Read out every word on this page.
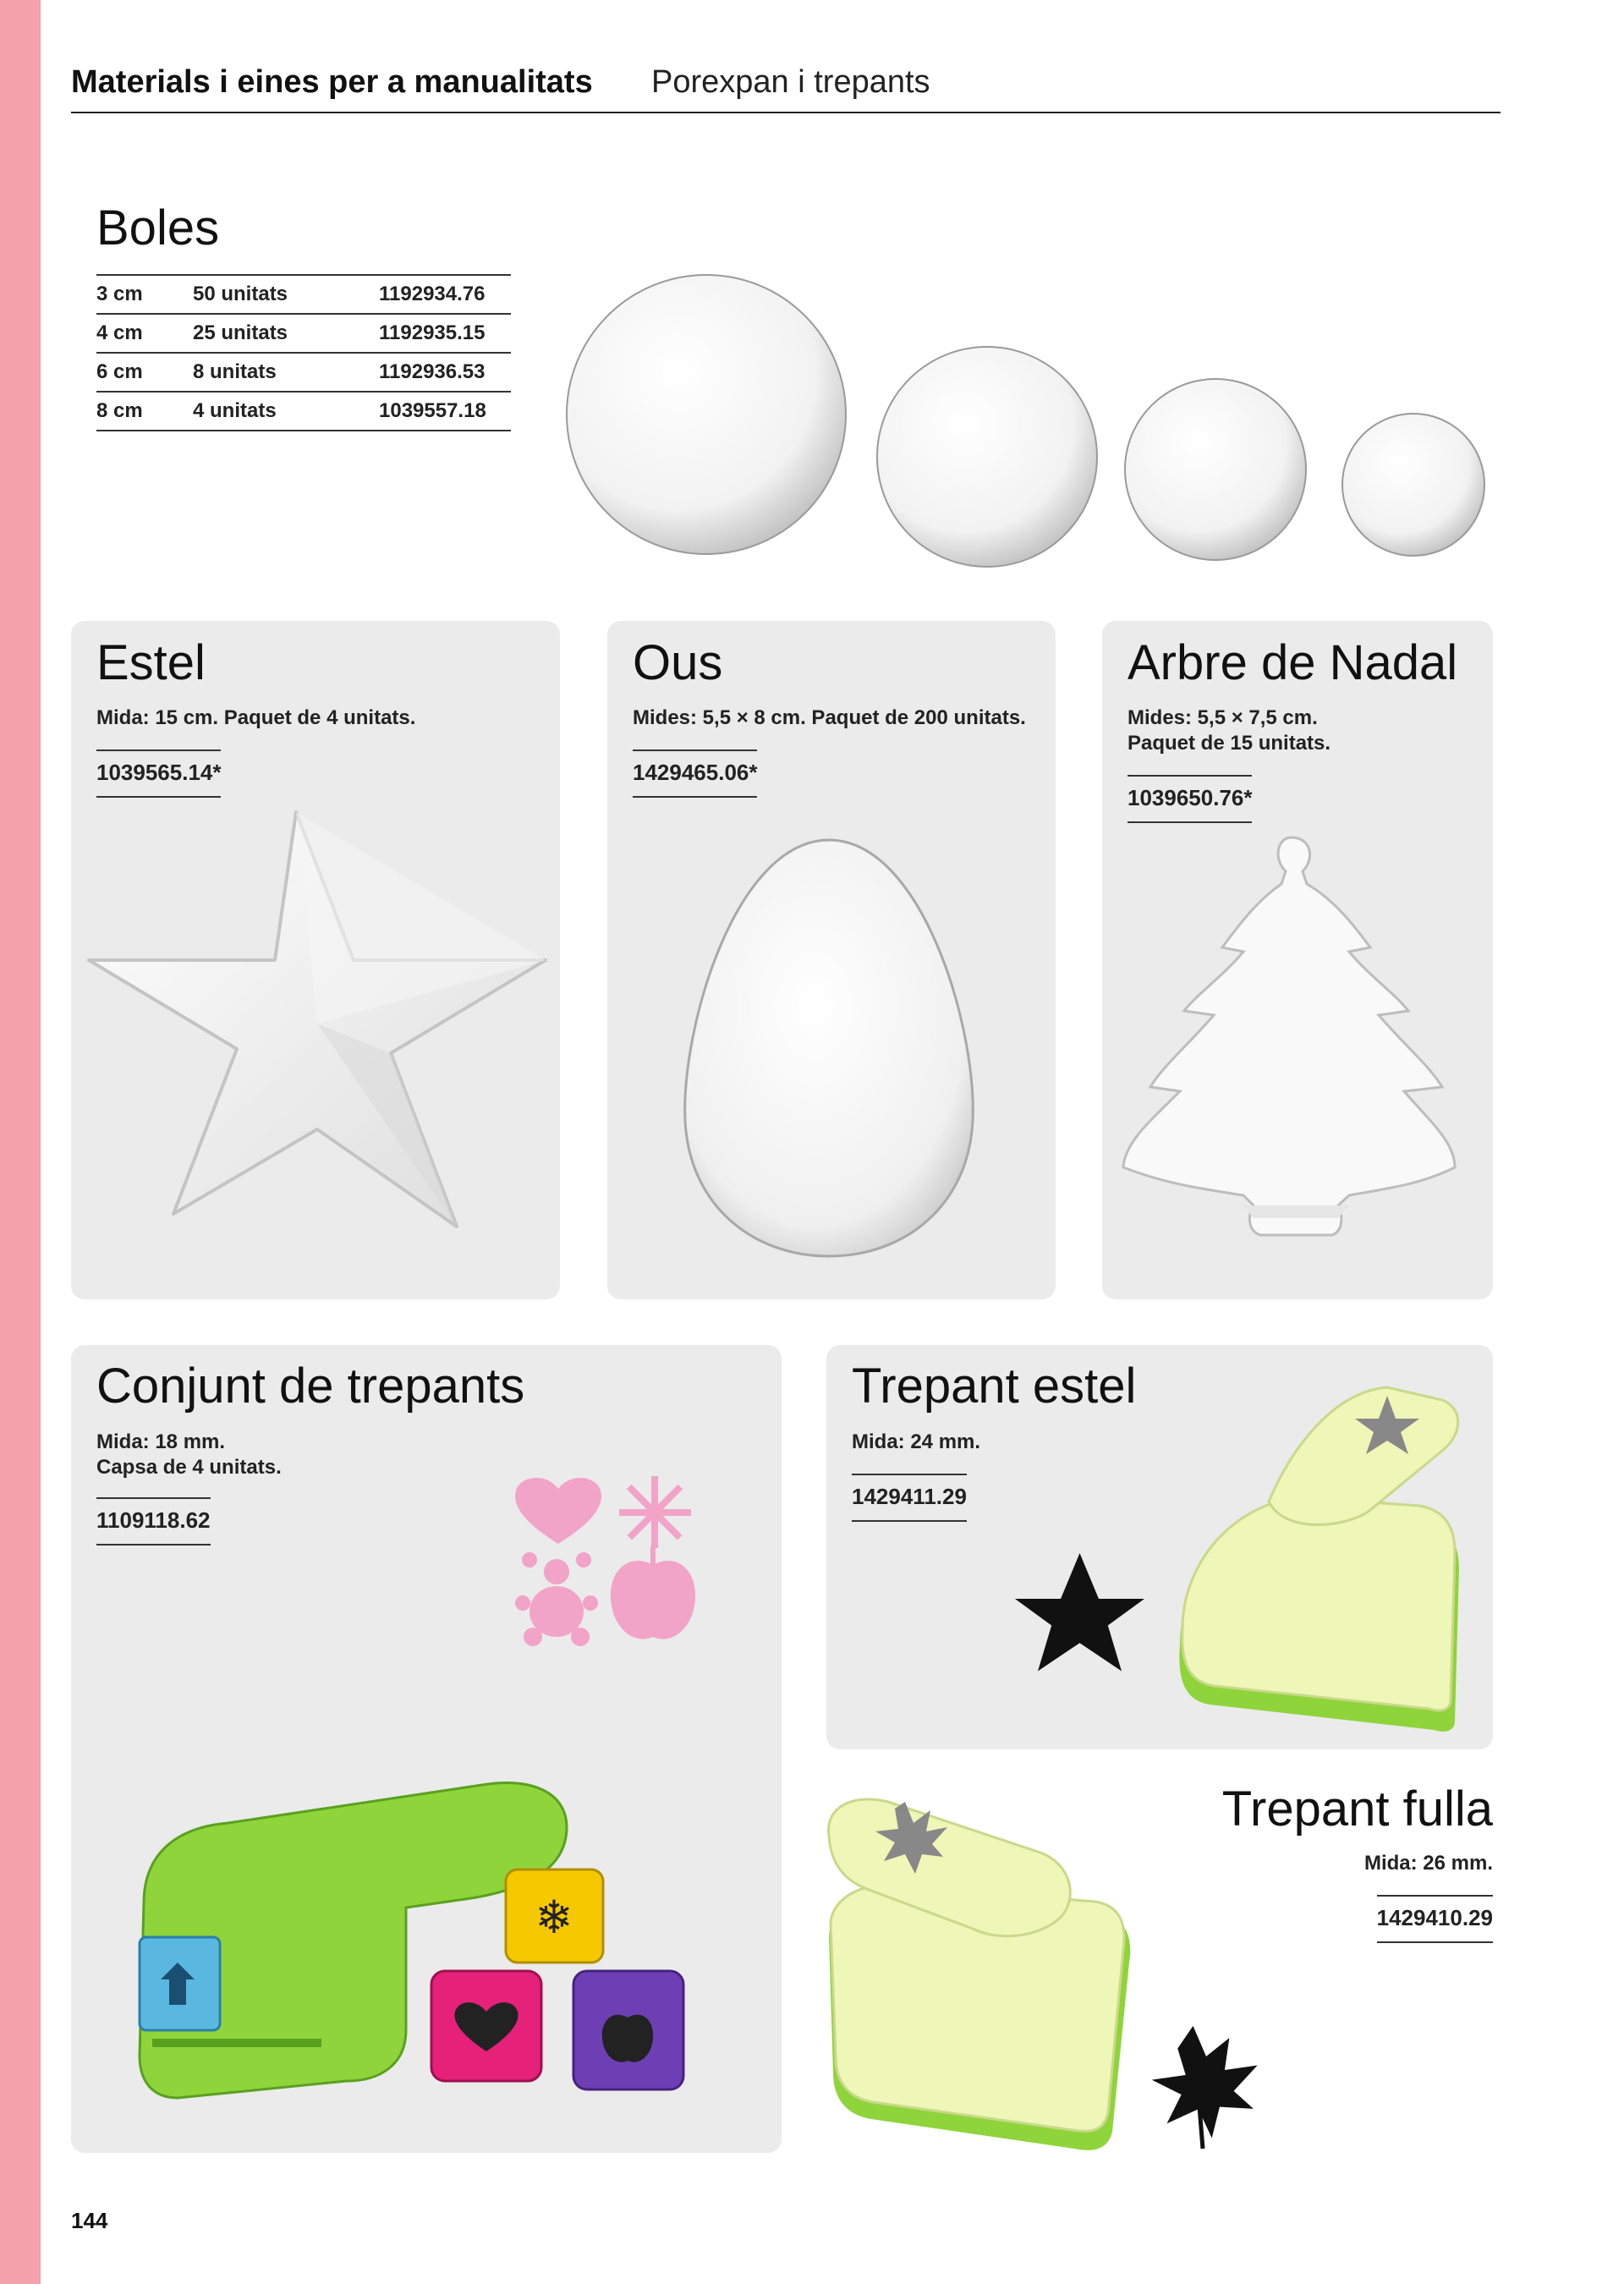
Materials i eines per a manualitats Porexpan i trepants
Boles
3 cm	50 unitats	1192934.76
4 cm	25 unitats	1192935.15
6 cm	8 unitats	1192936.53
8 cm	4 unitats	1039557.18
Estel
Mida: 15 cm. Paquet de 4 unitats.
1039565.14*
Ous
Mides: 5,5 × 8 cm. Paquet de 200 unitats.
1429465.06*
Arbre de Nadal
Mides: 5,5 × 7,5 cm.
Paquet de 15 unitats.
1039650.76*
Conjunt de trepants
Mida: 18 mm.
Capsa de 4 unitats.
1109118.62
❄
Trepant estel
Mida: 24 mm.
1429411.29
Trepant fulla
Mida: 26 mm.
1429410.29
144
